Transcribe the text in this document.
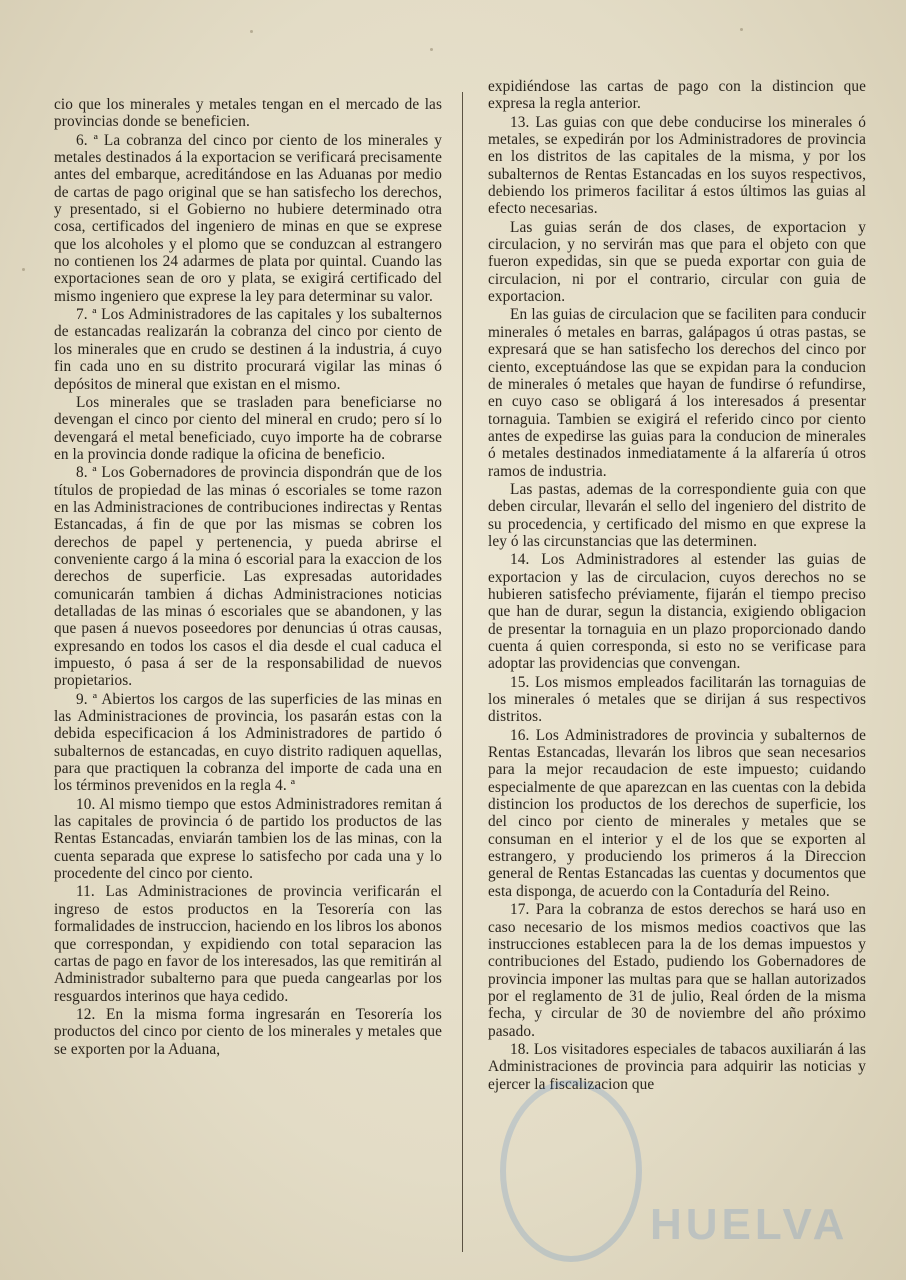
cio que los minerales y metales tengan en el mercado de las provincias donde se beneficien.

6. ª La cobranza del cinco por ciento de los minerales y metales destinados á la exportacion se verificará precisamente antes del embarque, acreditándose en las Aduanas por medio de cartas de pago original que se han satisfecho los derechos, y presentado, si el Gobierno no hubiere determinado otra cosa, certificados del ingeniero de minas en que se exprese que los alcoholes y el plomo que se conduzcan al estrangero no contienen los 24 adarmes de plata por quintal. Cuando las exportaciones sean de oro y plata, se exigirá certificado del mismo ingeniero que exprese la ley para determinar su valor.

7. ª Los Administradores de las capitales y los subalternos de estancadas realizarán la cobranza del cinco por ciento de los minerales que en crudo se destinen á la industria, á cuyo fin cada uno en su distrito procurará vigilar las minas ó depósitos de mineral que existan en el mismo.

Los minerales que se trasladen para beneficiarse no devengan el cinco por ciento del mineral en crudo; pero sí lo devengará el metal beneficiado, cuyo importe ha de cobrarse en la provincia donde radique la oficina de beneficio.

8. ª Los Gobernadores de provincia dispondrán que de los títulos de propiedad de las minas ó escoriales se tome razon en las Administraciones de contribuciones indirectas y Rentas Estancadas, á fin de que por las mismas se cobren los derechos de papel y pertenencia, y pueda abrirse el conveniente cargo á la mina ó escorial para la exaccion de los derechos de superficie. Las expresadas autoridades comunicarán tambien á dichas Administraciones noticias detalladas de las minas ó escoriales que se abandonen, y las que pasen á nuevos poseedores por denuncias ú otras causas, expresando en todos los casos el dia desde el cual caduca el impuesto, ó pasa á ser de la responsabilidad de nuevos propietarios.

9. ª Abiertos los cargos de las superficies de las minas en las Administraciones de provincia, los pasarán estas con la debida especificacion á los Administradores de partido ó subalternos de estancadas, en cuyo distrito radiquen aquellas, para que practiquen la cobranza del importe de cada una en los términos prevenidos en la regla 4. ª

10. Al mismo tiempo que estos Administradores remitan á las capitales de provincia ó de partido los productos de las Rentas Estancadas, enviarán tambien los de las minas, con la cuenta separada que exprese lo satisfecho por cada una y lo procedente del cinco por ciento.

11. Las Administraciones de provincia verificarán el ingreso de estos productos en la Tesorería con las formalidades de instruccion, haciendo en los libros los abonos que correspondan, y expidiendo con total separacion las cartas de pago en favor de los interesados, las que remitirán al Administrador subalterno para que pueda cangearlas por los resguardos interinos que haya cedido.

12. En la misma forma ingresarán en Tesorería los productos del cinco por ciento de los minerales y metales que se exporten por la Aduana,

expidiéndose las cartas de pago con la distincion que expresa la regla anterior.

13. Las guias con que debe conducirse los minerales ó metales, se expedirán por los Administradores de provincia en los distritos de las capitales de la misma, y por los subalternos de Rentas Estancadas en los suyos respectivos, debiendo los primeros facilitar á estos últimos las guias al efecto necesarias.

Las guias serán de dos clases, de exportacion y circulacion, y no servirán mas que para el objeto con que fueron expedidas, sin que se pueda exportar con guia de circulacion, ni por el contrario, circular con guia de exportacion.

En las guias de circulacion que se faciliten para conducir minerales ó metales en barras, galápagos ú otras pastas, se expresará que se han satisfecho los derechos del cinco por ciento, exceptuándose las que se expidan para la conducion de minerales ó metales que hayan de fundirse ó refundirse, en cuyo caso se obligará á los interesados á presentar tornaguia. Tambien se exigirá el referido cinco por ciento antes de expedirse las guias para la conducion de minerales ó metales destinados inmediatamente á la alfarería ú otros ramos de industria.

Las pastas, ademas de la correspondiente guia con que deben circular, llevarán el sello del ingeniero del distrito de su procedencia, y certificado del mismo en que exprese la ley ó las circunstancias que las determinen.

14. Los Administradores al estender las guias de exportacion y las de circulacion, cuyos derechos no se hubieren satisfecho préviamente, fijarán el tiempo preciso que han de durar, segun la distancia, exigiendo obligacion de presentar la tornaguia en un plazo proporcionado dando cuenta á quien corresponda, si esto no se verificase para adoptar las providencias que convengan.

15. Los mismos empleados facilitarán las tornaguias de los minerales ó metales que se dirijan á sus respectivos distritos.

16. Los Administradores de provincia y subalternos de Rentas Estancadas, llevarán los libros que sean necesarios para la mejor recaudacion de este impuesto; cuidando especialmente de que aparezcan en las cuentas con la debida distincion los productos de los derechos de superficie, los del cinco por ciento de minerales y metales que se consuman en el interior y el de los que se exporten al estrangero, y produciendo los primeros á la Direccion general de Rentas Estancadas las cuentas y documentos que esta disponga, de acuerdo con la Contaduría del Reino.

17. Para la cobranza de estos derechos se hará uso en caso necesario de los mismos medios coactivos que las instrucciones establecen para la de los demas impuestos y contribuciones del Estado, pudiendo los Gobernadores de provincia imponer las multas para que se hallan autorizados por el reglamento de 31 de julio, Real órden de la misma fecha, y circular de 30 de noviembre del año próximo pasado.

18. Los visitadores especiales de tabacos auxiliarán á las Administraciones de provincia para adquirir las noticias y ejercer la fiscalizacion que

HUELVA
